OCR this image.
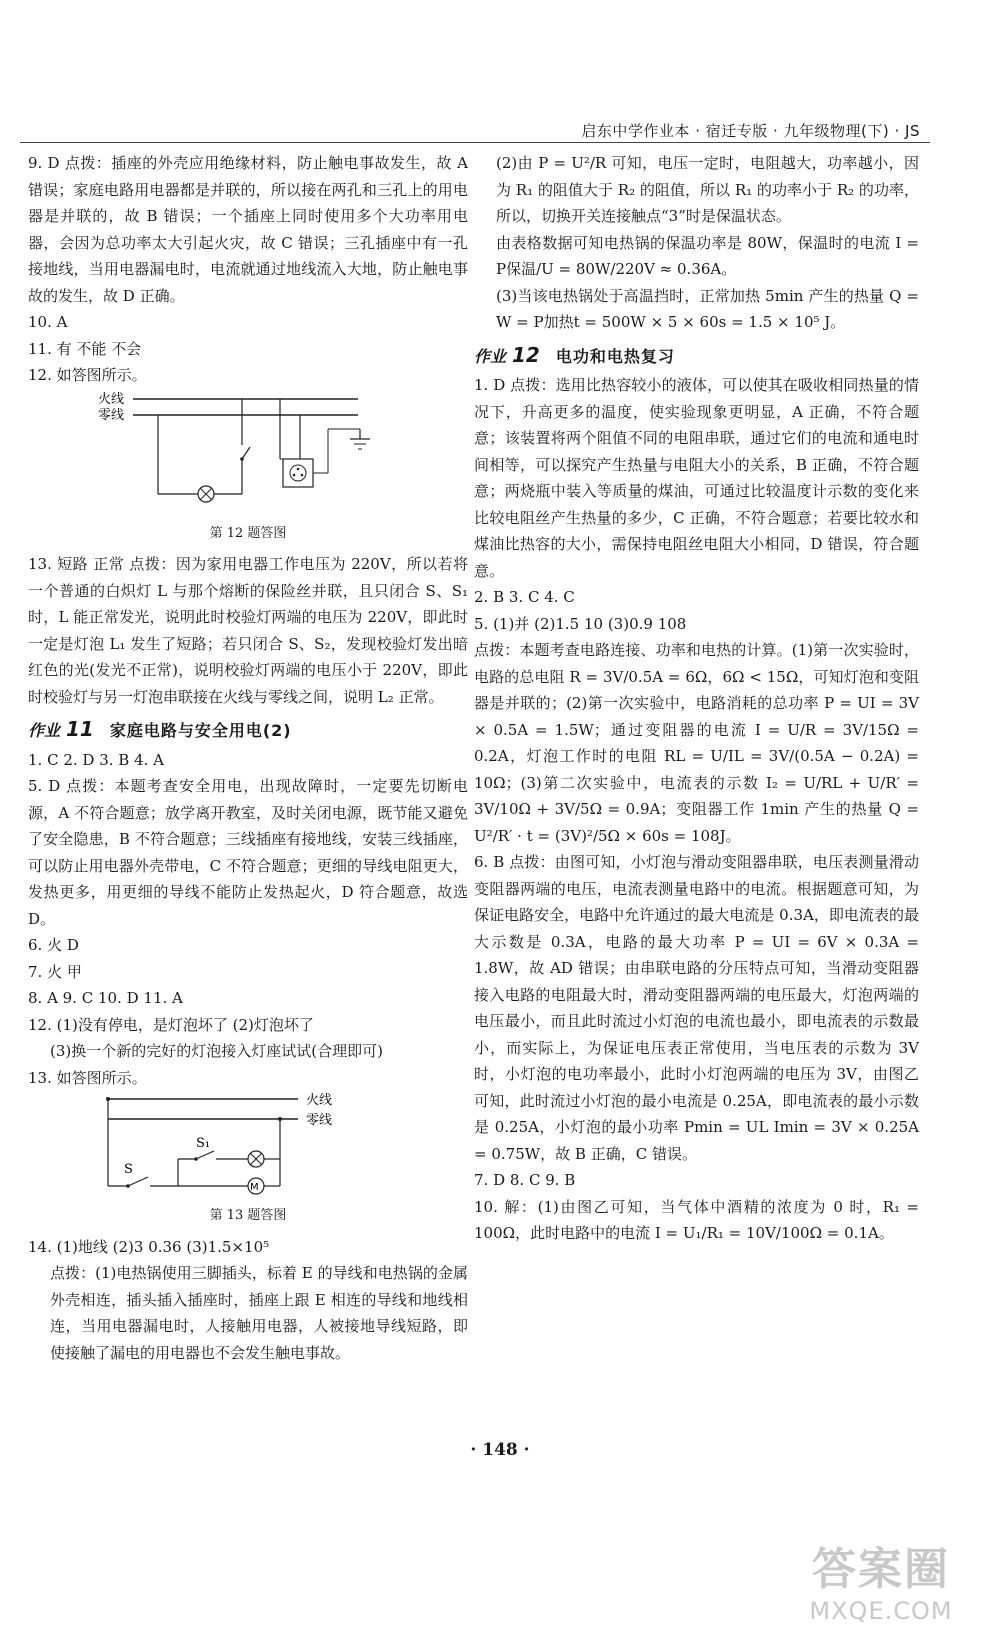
启东中学作业本 · 宿迁专版 · 九年级物理(下) · JS

9. D 点拨：插座的外壳应用绝缘材料，防止触电事故发生，故 A 错误；家庭电路用电器都是并联的，所以接在两孔和三孔上的用电器是并联的，故 B 错误；一个插座上同时使用多个大功率用电器，会因为总功率太大引起火灾，故 C 错误；三孔插座中有一孔接地线，当用电器漏电时，电流就通过地线流入大地，防止触电事故的发生，故 D 正确。

10. A

11. 有 不能 不会

12. 如答图所示。

火线
零线
第 12 题答图

13. 短路 正常 点拨：因为家用电器工作电压为 220V，所以若将一个普通的白炽灯 L 与那个熔断的保险丝并联，且只闭合 S、S₁ 时，L 能正常发光，说明此时校验灯两端的电压为 220V，即此时一定是灯泡 L₁ 发生了短路；若只闭合 S、S₂，发现校验灯发出暗红色的光(发光不正常)，说明校验灯两端的电压小于 220V，即此时校验灯与另一灯泡串联接在火线与零线之间，说明 L₂ 正常。

作业 11 家庭电路与安全用电(2)

1. C 2. D 3. B 4. A

5. D 点拨：本题考查安全用电，出现故障时，一定要先切断电源，A 不符合题意；放学离开教室，及时关闭电源，既节能又避免了安全隐患，B 不符合题意；三线插座有接地线，安装三线插座，可以防止用电器外壳带电，C 不符合题意；更细的导线电阻更大，发热更多，用更细的导线不能防止发热起火，D 符合题意，故选 D。

6. 火 D

7. 火 甲

8. A 9. C 10. D 11. A

12. (1)没有停电，是灯泡坏了 (2)灯泡坏了

(3)换一个新的完好的灯泡接入灯座试试(合理即可)

13. 如答图所示。

火线
零线
S
S₁
M
第 13 题答图

14. (1)地线 (2)3 0.36 (3)1.5×10⁵

点拨：(1)电热锅使用三脚插头，标着 E 的导线和电热锅的金属外壳相连，插头插入插座时，插座上跟 E 相连的导线和地线相连，当用电器漏电时，人接触用电器，人被接地导线短路，即使接触了漏电的用电器也不会发生触电事故。

(2)由 P = U²/R 可知，电压一定时，电阻越大，功率越小，因为 R₁ 的阻值大于 R₂ 的阻值，所以 R₁ 的功率小于 R₂ 的功率，所以，切换开关连接触点“3”时是保温状态。

由表格数据可知电热锅的保温功率是 80W，保温时的电流 I = P保温/U = 80W/220V ≈ 0.36A。

(3)当该电热锅处于高温挡时，正常加热 5min 产生的热量 Q = W = P加热t = 500W × 5 × 60s = 1.5 × 10⁵ J。

作业 12 电功和电热复习

1. D 点拨：选用比热容较小的液体，可以使其在吸收相同热量的情况下，升高更多的温度，使实验现象更明显，A 正确，不符合题意；该装置将两个阻值不同的电阻串联，通过它们的电流和通电时间相等，可以探究产生热量与电阻大小的关系，B 正确，不符合题意；两烧瓶中装入等质量的煤油，可通过比较温度计示数的变化来比较电阻丝产生热量的多少，C 正确，不符合题意；若要比较水和煤油比热容的大小，需保持电阻丝电阻大小相同，D 错误，符合题意。

2. B 3. C 4. C

5. (1)并 (2)1.5 10 (3)0.9 108

点拨：本题考查电路连接、功率和电热的计算。(1)第一次实验时，电路的总电阻 R = 3V/0.5A = 6Ω，6Ω < 15Ω，可知灯泡和变阻器是并联的；(2)第一次实验中，电路消耗的总功率 P = UI = 3V × 0.5A = 1.5W；通过变阻器的电流 I = U/R = 3V/15Ω = 0.2A，灯泡工作时的电阻 RL = U/IL = 3V/(0.5A − 0.2A) = 10Ω；(3)第二次实验中，电流表的示数 I₂ = U/RL + U/R′ = 3V/10Ω + 3V/5Ω = 0.9A；变阻器工作 1min 产生的热量 Q = U²/R′ · t = (3V)²/5Ω × 60s = 108J。

6. B 点拨：由图可知，小灯泡与滑动变阻器串联，电压表测量滑动变阻器两端的电压，电流表测量电路中的电流。根据题意可知，为保证电路安全，电路中允许通过的最大电流是 0.3A，即电流表的最大示数是 0.3A，电路的最大功率 P = UI = 6V × 0.3A = 1.8W，故 AD 错误；由串联电路的分压特点可知，当滑动变阻器接入电路的电阻最大时，滑动变阻器两端的电压最大，灯泡两端的电压最小，而且此时流过小灯泡的电流也最小，即电流表的示数最小，而实际上，为保证电压表正常使用，当电压表的示数为 3V 时，小灯泡的电功率最小，此时小灯泡两端的电压为 3V，由图乙可知，此时流过小灯泡的最小电流是 0.25A，即电流表的最小示数是 0.25A，小灯泡的最小功率 Pmin = UL Imin = 3V × 0.25A = 0.75W，故 B 正确，C 错误。

7. D 8. C 9. B

10. 解：(1)由图乙可知，当气体中酒精的浓度为 0 时，R₁ = 100Ω，此时电路中的电流 I = U₁/R₁ = 10V/100Ω = 0.1A。

· 148 ·
答案圈
MXQE.COM
